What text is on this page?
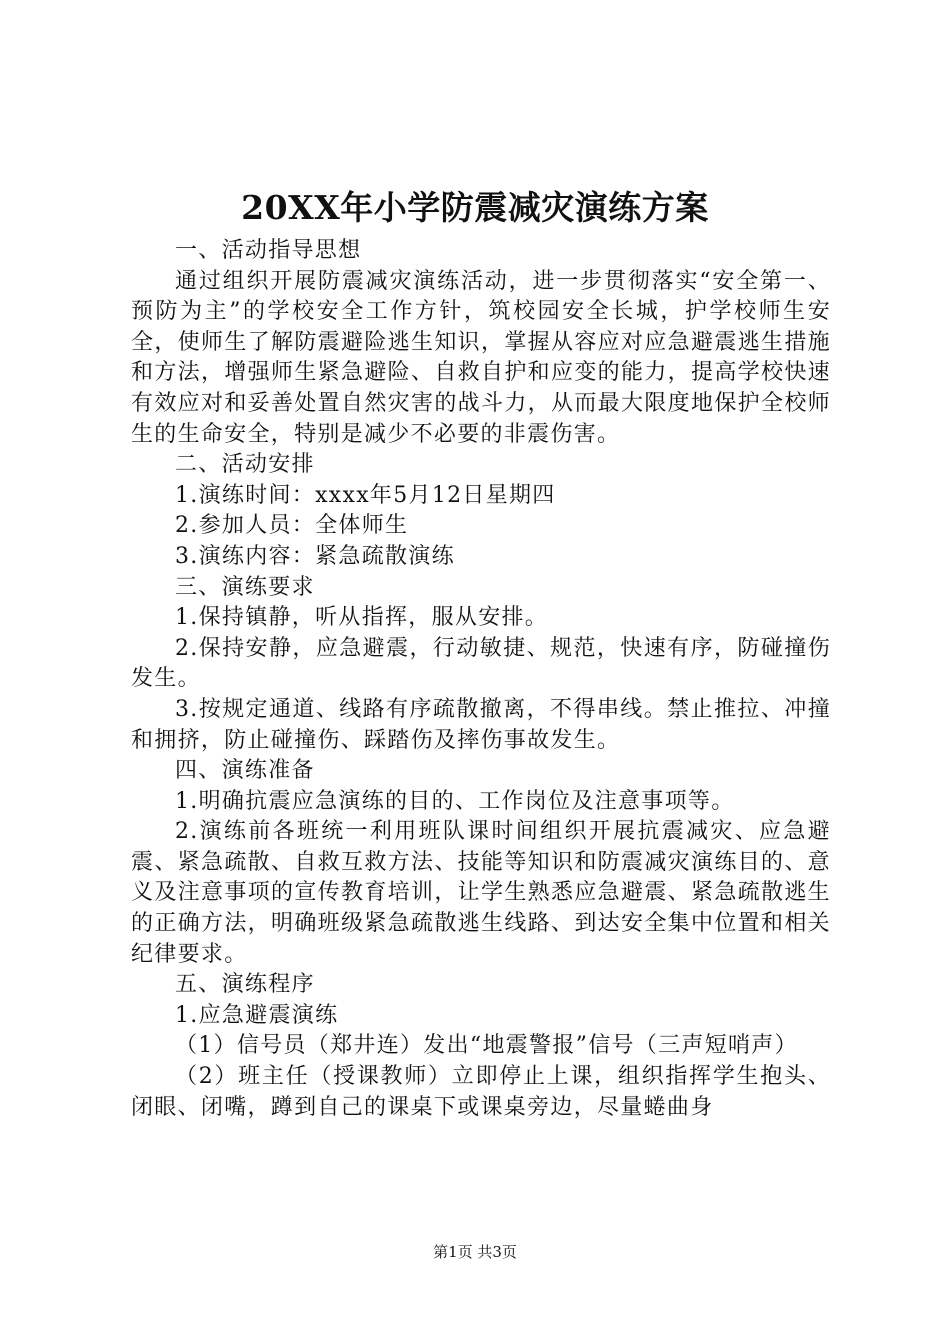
20XX年小学防震减灾演练方案

一、活动指导思想

通过组织开展防震减灾演练活动，进一步贯彻落实“安全第一、预防为主”的学校安全工作方针，筑校园安全长城，护学校师生安全，使师生了解防震避险逃生知识，掌握从容应对应急避震逃生措施和方法，增强师生紧急避险、自救自护和应变的能力，提高学校快速有效应对和妥善处置自然灾害的战斗力，从而最大限度地保护全校师生的生命安全，特别是减少不必要的非震伤害。

二、活动安排

1.演练时间：xxxx年5月12日星期四

2.参加人员：全体师生

3.演练内容：紧急疏散演练

三、演练要求

1.保持镇静，听从指挥，服从安排。

2.保持安静，应急避震，行动敏捷、规范，快速有序，防碰撞伤发生。

3.按规定通道、线路有序疏散撤离，不得串线。禁止推拉、冲撞和拥挤，防止碰撞伤、踩踏伤及摔伤事故发生。

四、演练准备

1.明确抗震应急演练的目的、工作岗位及注意事项等。

2.演练前各班统一利用班队课时间组织开展抗震减灾、应急避震、紧急疏散、自救互救方法、技能等知识和防震减灾演练目的、意义及注意事项的宣传教育培训，让学生熟悉应急避震、紧急疏散逃生的正确方法，明确班级紧急疏散逃生线路、到达安全集中位置和相关纪律要求。

五、演练程序

1.应急避震演练

（1）信号员（郑井连）发出“地震警报”信号（三声短哨声）

（2）班主任（授课教师）立即停止上课，组织指挥学生抱头、闭眼、闭嘴，蹲到自己的课桌下或课桌旁边，尽量蜷曲身

第1页 共3页
